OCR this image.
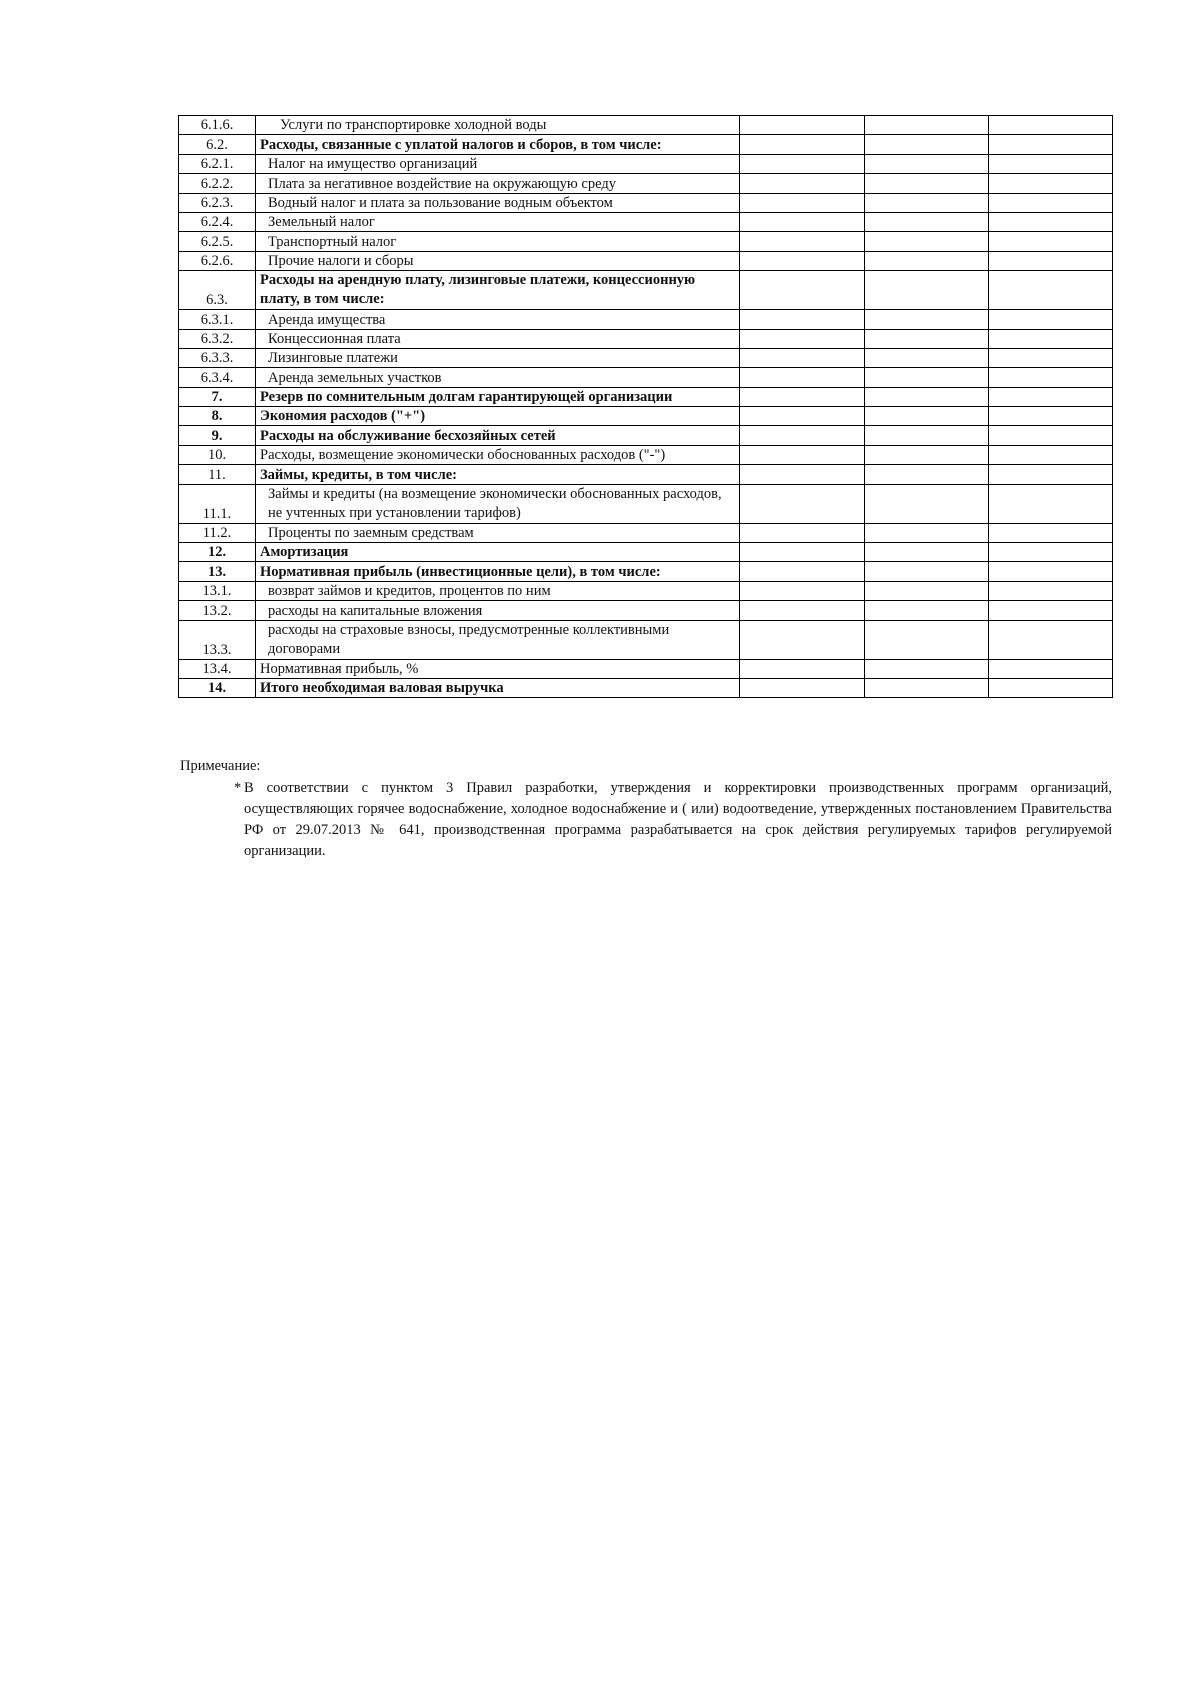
6.1.6.	Услуги по транспортировке холодной воды			
6.2.	Расходы, связанные с уплатой налогов и сборов, в том числе:			
6.2.1.	Налог на имущество организаций			
6.2.2.	Плата за негативное воздействие на окружающую среду			
6.2.3.	Водный налог и плата за пользование водным объектом			
6.2.4.	Земельный налог			
6.2.5.	Транспортный налог			
6.2.6.	Прочие налоги и сборы			
6.3.	Расходы на арендную плату, лизинговые платежи, концессионную плату, в том числе:			
6.3.1.	Аренда имущества			
6.3.2.	Концессионная плата			
6.3.3.	Лизинговые платежи			
6.3.4.	Аренда земельных участков			
7.	Резерв по сомнительным долгам гарантирующей организации			
8.	Экономия расходов ("+")			
9.	Расходы на обслуживание бесхозяйных сетей			
10.	Расходы, возмещение экономически обоснованных расходов ("-")			
11.	Займы, кредиты, в том числе:			
11.1.	Займы и кредиты (на возмещение экономически обоснованных расходов, не учтенных при установлении тарифов)			
11.2.	Проценты по заемным средствам			
12.	Амортизация			
13.	Нормативная прибыль (инвестиционные цели), в том числе:			
13.1.	возврат займов и кредитов, процентов по ним			
13.2.	расходы на капитальные вложения			
13.3.	расходы на страховые взносы, предусмотренные коллективными договорами			
13.4.	Нормативная прибыль, %			
14.	Итого необходимая валовая выручка			
Примечание:
* В соответствии с пунктом 3 Правил разработки, утверждения и корректировки производственных программ организаций, осуществляющих горячее водоснабжение, холодное водоснабжение и ( или) водоотведение, утвержденных постановлением Правительства РФ от 29.07.2013 № 641, производственная программа разрабатывается на срок действия регулируемых тарифов регулируемой организации.
